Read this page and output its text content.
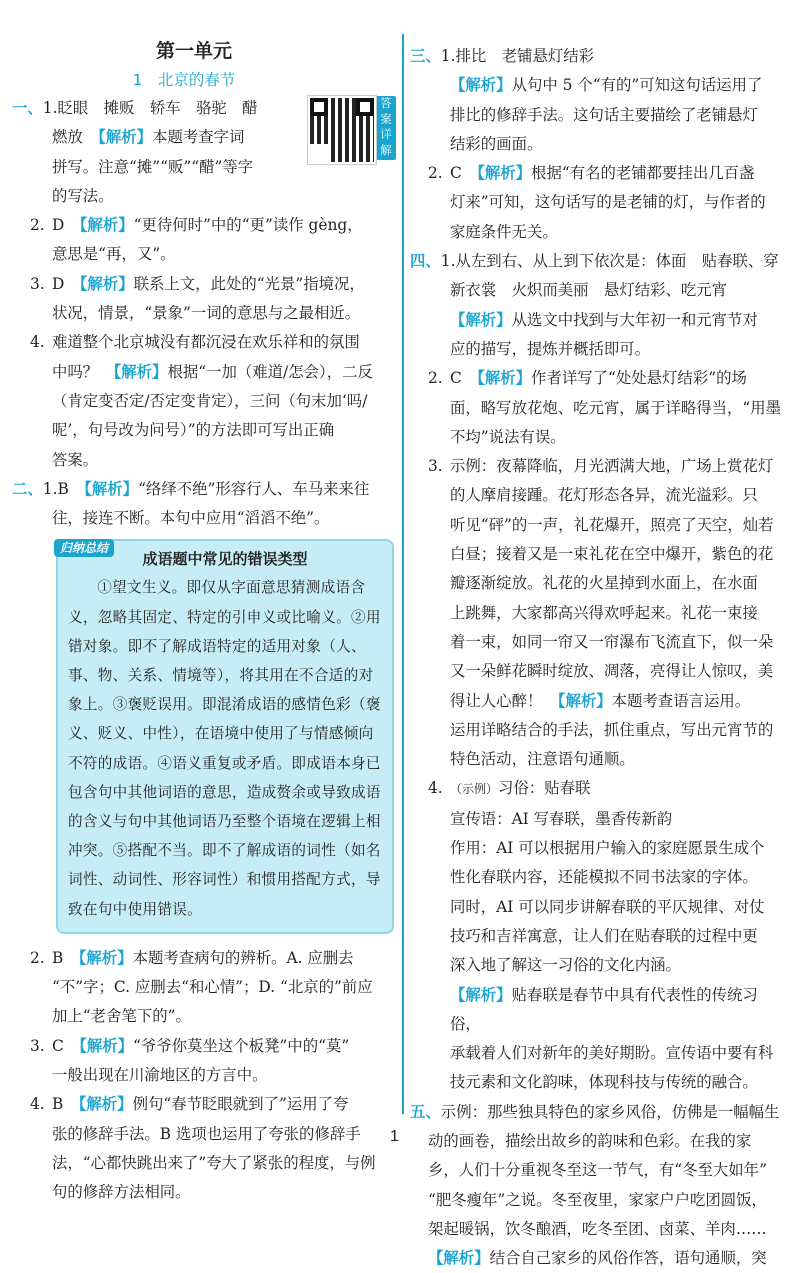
第一单元
1　北京的春节

一、1.眨眼　摊贩　轿车　骆驼　醋

燃放　【解析】本题考查字词

拼写。注意“摊”“贩”“醋”等字

答案详解

的写法。

2. D　【解析】“更待何时”中的“更”读作 gèng，

意思是“再，又”。

3. D　【解析】联系上文，此处的“光景”指境况，

状况，情景，“景象”一词的意思与之最相近。

4. 难道整个北京城没有都沉浸在欢乐祥和的氛围

中吗？　【解析】根据“一加（难道/怎会），二反

（肯定变否定/否定变肯定），三问（句末加‘吗/

呢’，句号改为问号）”的方法即可写出正确

答案。

二、1.B　【解析】“络绎不绝”形容行人、车马来来往

往，接连不断。本句中应用“滔滔不绝”。

归纳总结
成语题中常见的错误类型
①望文生义。即仅从字面意思猜测成语含义，忽略其固定、特定的引申义或比喻义。②用错对象。即不了解成语特定的适用对象（人、事、物、关系、情境等），将其用在不合适的对象上。③褒贬误用。即混淆成语的感情色彩（褒义、贬义、中性），在语境中使用了与情感倾向不符的成语。④语义重复或矛盾。即成语本身已包含句中其他词语的意思，造成赘余或导致成语的含义与句中其他词语乃至整个语境在逻辑上相冲突。⑤搭配不当。即不了解成语的词性（如名词性、动词性、形容词性）和惯用搭配方式，导致在句中使用错误。

2. B　【解析】本题考查病句的辨析。A. 应删去

“不”字；C. 应删去“和心情”；D. “北京的”前应

加上“老舍笔下的”。

3. C　【解析】“爷爷你莫坐这个板凳”中的“莫”

一般出现在川渝地区的方言中。

4. B　【解析】例句“春节眨眼就到了”运用了夸

张的修辞手法。B 选项也运用了夸张的修辞手

法，“心都快跳出来了”夸大了紧张的程度，与例

句的修辞方法相同。

三、1.排比　老铺悬灯结彩

【解析】从句中 5 个“有的”可知这句话运用了

排比的修辞手法。这句话主要描绘了老铺悬灯

结彩的画面。

2. C　【解析】根据“有名的老铺都要挂出几百盏

灯来”可知，这句话写的是老铺的灯，与作者的

家庭条件无关。

四、1.从左到右、从上到下依次是：体面　贴春联、穿

新衣裳　火炽而美丽　悬灯结彩、吃元宵

【解析】从选文中找到与大年初一和元宵节对

应的描写，提炼并概括即可。

2. C　【解析】作者详写了“处处悬灯结彩”的场

面，略写放花炮、吃元宵，属于详略得当，“用墨

不均”说法有误。

3. 示例：夜幕降临，月光洒满大地，广场上赏花灯

的人摩肩接踵。花灯形态各异，流光溢彩。只

听见“砰”的一声，礼花爆开，照亮了天空，灿若

白昼；接着又是一束礼花在空中爆开，紫色的花

瓣逐渐绽放。礼花的火星掉到水面上，在水面

上跳舞，大家都高兴得欢呼起来。礼花一束接

着一束，如同一帘又一帘瀑布飞流直下，似一朵

又一朵鲜花瞬时绽放、凋落，亮得让人惊叹，美

得让人心醉！　【解析】本题考查语言运用。

运用详略结合的手法，抓住重点，写出元宵节的

特色活动，注意语句通顺。

4. （示例）习俗：贴春联

宣传语：AI 写春联，墨香传新韵

作用：AI 可以根据用户输入的家庭愿景生成个

性化春联内容，还能模拟不同书法家的字体。

同时，AI 可以同步讲解春联的平仄规律、对仗

技巧和吉祥寓意，让人们在贴春联的过程中更

深入地了解这一习俗的文化内涵。

【解析】贴春联是春节中具有代表性的传统习俗，

承载着人们对新年的美好期盼。宣传语中要有科

技元素和文化韵味，体现科技与传统的融合。

五、示例：那些独具特色的家乡风俗，仿佛是一幅幅生

动的画卷，描绘出故乡的韵味和色彩。在我的家

乡，人们十分重视冬至这一节气，有“冬至大如年”

“肥冬瘦年”之说。冬至夜里，家家户户吃团圆饭，

架起暖锅，饮冬酿酒，吃冬至团、卤菜、羊肉……

【解析】结合自己家乡的风俗作答，语句通顺，突

1
